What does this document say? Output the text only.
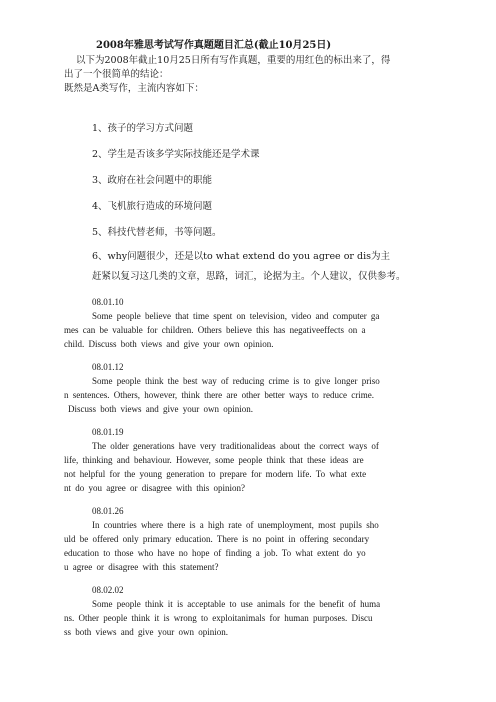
2008年雅思考试写作真题题目汇总(截止10月25日)

以下为2008年截止10月25日所有写作真题，重要的用红色的标出来了，得

出了一个很简单的结论：

既然是A类写作，主流内容如下：

1、孩子的学习方式问题
2、学生是否该多学实际技能还是学术课
3、政府在社会问题中的职能
4、飞机旅行造成的环境问题
5、科技代替老师，书等问题。
6、why问题很少，还是以to what extend do you agree or dis为主
赶紧以复习这几类的文章，思路，词汇，论据为主。个人建议，仅供参考。
08.01.10
Some people believe that time spent on television, video and computer ga
mes can be valuable for children. Others believe this has negativeeffects on a
child. Discuss both views and give your own opinion.
08.01.12
Some people think the best way of reducing crime is to give longer priso
n sentences. Others, however, think there are other better ways to reduce crime.
Discuss both views and give your own opinion.
08.01.19
The older generations have very traditionalideas about the correct ways of
life, thinking and behaviour. However, some people think that these ideas are
not helpful for the young generation to prepare for modern life. To what exte
nt do you agree or disagree with this opinion?
08.01.26
In countries where there is a high rate of unemployment, most pupils sho
uld be offered only primary education. There is no point in offering secondary
education to those who have no hope of finding a job. To what extent do yo
u agree or disagree with this statement?
08.02.02
Some people think it is acceptable to use animals for the benefit of huma
ns. Other people think it is wrong to exploitanimals for human purposes. Discu
ss both views and give your own opinion.
